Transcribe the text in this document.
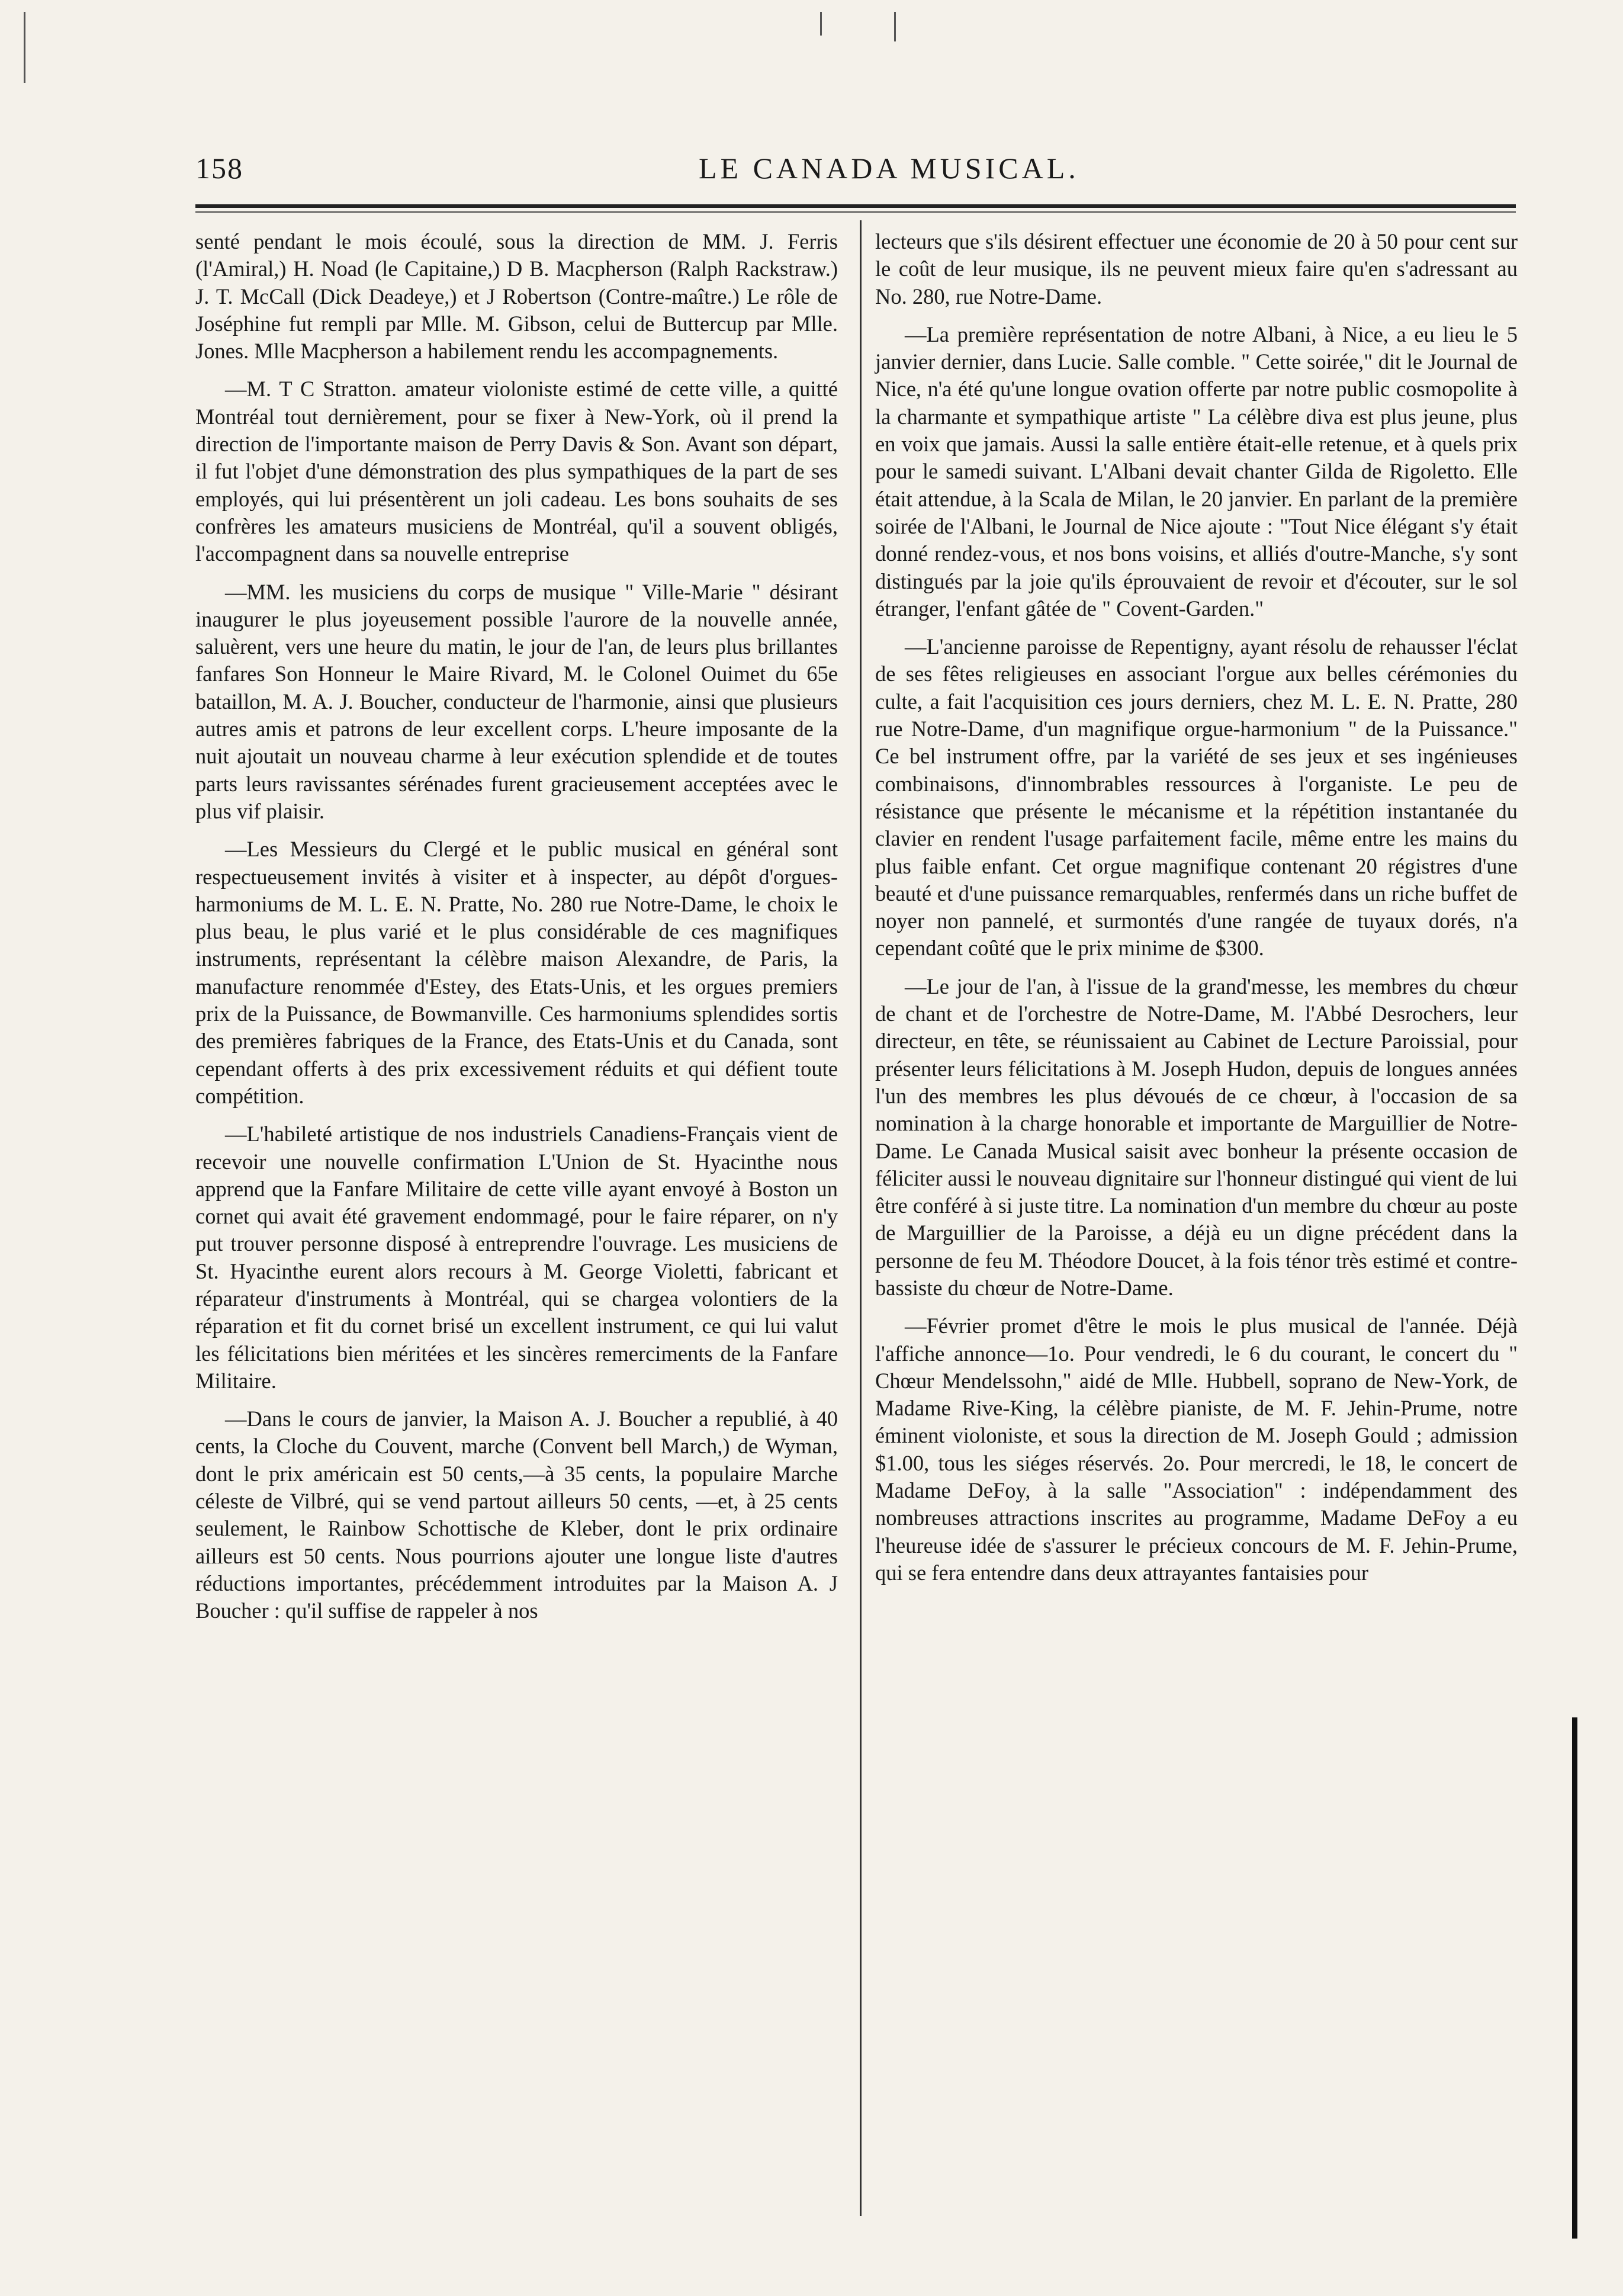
158	LE CANADA MUSICAL.

senté pendant le mois écoulé, sous la direction de MM. J. Ferris (l'Amiral,) H. Noad (le Capitaine,) D B. Macpherson (Ralph Rackstraw.) J. T. McCall (Dick Deadeye,) et J Robertson (Contre-maître.) Le rôle de Joséphine fut rempli par Mlle. M. Gibson, celui de Buttercup par Mlle. Jones. Mlle Macpherson a habilement rendu les accompagnements.

—M. T C Stratton. amateur violoniste estimé de cette ville, a quitté Montréal tout dernièrement, pour se fixer à New-York, où il prend la direction de l'importante maison de Perry Davis & Son. Avant son départ, il fut l'objet d'une démonstration des plus sympathiques de la part de ses employés, qui lui présentèrent un joli cadeau. Les bons souhaits de ses confrères les amateurs musiciens de Montréal, qu'il a souvent obligés, l'accompagnent dans sa nouvelle entreprise

—MM. les musiciens du corps de musique " Ville-Marie " désirant inaugurer le plus joyeusement possible l'aurore de la nouvelle année, saluèrent, vers une heure du matin, le jour de l'an, de leurs plus brillantes fanfares Son Honneur le Maire Rivard, M. le Colonel Ouimet du 65e bataillon, M. A. J. Boucher, conducteur de l'harmonie, ainsi que plusieurs autres amis et patrons de leur excellent corps. L'heure imposante de la nuit ajoutait un nouveau charme à leur exécution splendide et de toutes parts leurs ravissantes sérénades furent gracieusement acceptées avec le plus vif plaisir.

—Les Messieurs du Clergé et le public musical en général sont respectueusement invités à visiter et à inspecter, au dépôt d'orgues-harmoniums de M. L. E. N. Pratte, No. 280 rue Notre-Dame, le choix le plus beau, le plus varié et le plus considérable de ces magnifiques instruments, représentant la célèbre maison Alexandre, de Paris, la manufacture renommée d'Estey, des Etats-Unis, et les orgues premiers prix de la Puissance, de Bowmanville. Ces harmoniums splendides sortis des premières fabriques de la France, des Etats-Unis et du Canada, sont cependant offerts à des prix excessivement réduits et qui défient toute compétition.

—L'habileté artistique de nos industriels Canadiens-Français vient de recevoir une nouvelle confirmation L'Union de St. Hyacinthe nous apprend que la Fanfare Militaire de cette ville ayant envoyé à Boston un cornet qui avait été gravement endommagé, pour le faire réparer, on n'y put trouver personne disposé à entreprendre l'ouvrage. Les musiciens de St. Hyacinthe eurent alors recours à M. George Violetti, fabricant et réparateur d'instruments à Montréal, qui se chargea volontiers de la réparation et fit du cornet brisé un excellent instrument, ce qui lui valut les félicitations bien méritées et les sincères remerciments de la Fanfare Militaire.

—Dans le cours de janvier, la Maison A. J. Boucher a republié, à 40 cents, la Cloche du Couvent, marche (Convent bell March,) de Wyman, dont le prix américain est 50 cents,—à 35 cents, la populaire Marche céleste de Vilbré, qui se vend partout ailleurs 50 cents, —et, à 25 cents seulement, le Rainbow Schottische de Kleber, dont le prix ordinaire ailleurs est 50 cents. Nous pourrions ajouter une longue liste d'autres réductions importantes, précédemment introduites par la Maison A. J Boucher : qu'il suffise de rappeler à nos

lecteurs que s'ils désirent effectuer une économie de 20 à 50 pour cent sur le coût de leur musique, ils ne peuvent mieux faire qu'en s'adressant au No. 280, rue Notre-Dame.

—La première représentation de notre Albani, à Nice, a eu lieu le 5 janvier dernier, dans Lucie. Salle comble. " Cette soirée," dit le Journal de Nice, n'a été qu'une longue ovation offerte par notre public cosmopolite à la charmante et sympathique artiste " La célèbre diva est plus jeune, plus en voix que jamais. Aussi la salle entière était-elle retenue, et à quels prix pour le samedi suivant. L'Albani devait chanter Gilda de Rigoletto. Elle était attendue, à la Scala de Milan, le 20 janvier. En parlant de la première soirée de l'Albani, le Journal de Nice ajoute : "Tout Nice élégant s'y était donné rendez-vous, et nos bons voisins, et alliés d'outre-Manche, s'y sont distingués par la joie qu'ils éprouvaient de revoir et d'écouter, sur le sol étranger, l'enfant gâtée de " Covent-Garden."

—L'ancienne paroisse de Repentigny, ayant résolu de rehausser l'éclat de ses fêtes religieuses en associant l'orgue aux belles cérémonies du culte, a fait l'acquisition ces jours derniers, chez M. L. E. N. Pratte, 280 rue Notre-Dame, d'un magnifique orgue-harmonium " de la Puissance." Ce bel instrument offre, par la variété de ses jeux et ses ingénieuses combinaisons, d'innombrables ressources à l'organiste. Le peu de résistance que présente le mécanisme et la répétition instantanée du clavier en rendent l'usage parfaitement facile, même entre les mains du plus faible enfant. Cet orgue magnifique contenant 20 régistres d'une beauté et d'une puissance remarquables, renfermés dans un riche buffet de noyer non pannelé, et surmontés d'une rangée de tuyaux dorés, n'a cependant coûté que le prix minime de $300.

—Le jour de l'an, à l'issue de la grand'messe, les membres du chœur de chant et de l'orchestre de Notre-Dame, M. l'Abbé Desrochers, leur directeur, en tête, se réunissaient au Cabinet de Lecture Paroissial, pour présenter leurs félicitations à M. Joseph Hudon, depuis de longues années l'un des membres les plus dévoués de ce chœur, à l'occasion de sa nomination à la charge honorable et importante de Marguillier de Notre-Dame. Le Canada Musical saisit avec bonheur la présente occasion de féliciter aussi le nouveau dignitaire sur l'honneur distingué qui vient de lui être conféré à si juste titre. La nomination d'un membre du chœur au poste de Marguillier de la Paroisse, a déjà eu un digne précédent dans la personne de feu M. Théodore Doucet, à la fois ténor très estimé et contre-bassiste du chœur de Notre-Dame.

—Février promet d'être le mois le plus musical de l'année. Déjà l'affiche annonce—1o. Pour vendredi, le 6 du courant, le concert du " Chœur Mendelssohn," aidé de Mlle. Hubbell, soprano de New-York, de Madame Rive-King, la célèbre pianiste, de M. F. Jehin-Prume, notre éminent violoniste, et sous la direction de M. Joseph Gould ; admission $1.00, tous les siéges réservés. 2o. Pour mercredi, le 18, le concert de Madame DeFoy, à la salle "Association" : indépendamment des nombreuses attractions inscrites au programme, Madame DeFoy a eu l'heureuse idée de s'assurer le précieux concours de M. F. Jehin-Prume, qui se fera entendre dans deux attrayantes fantaisies pour
